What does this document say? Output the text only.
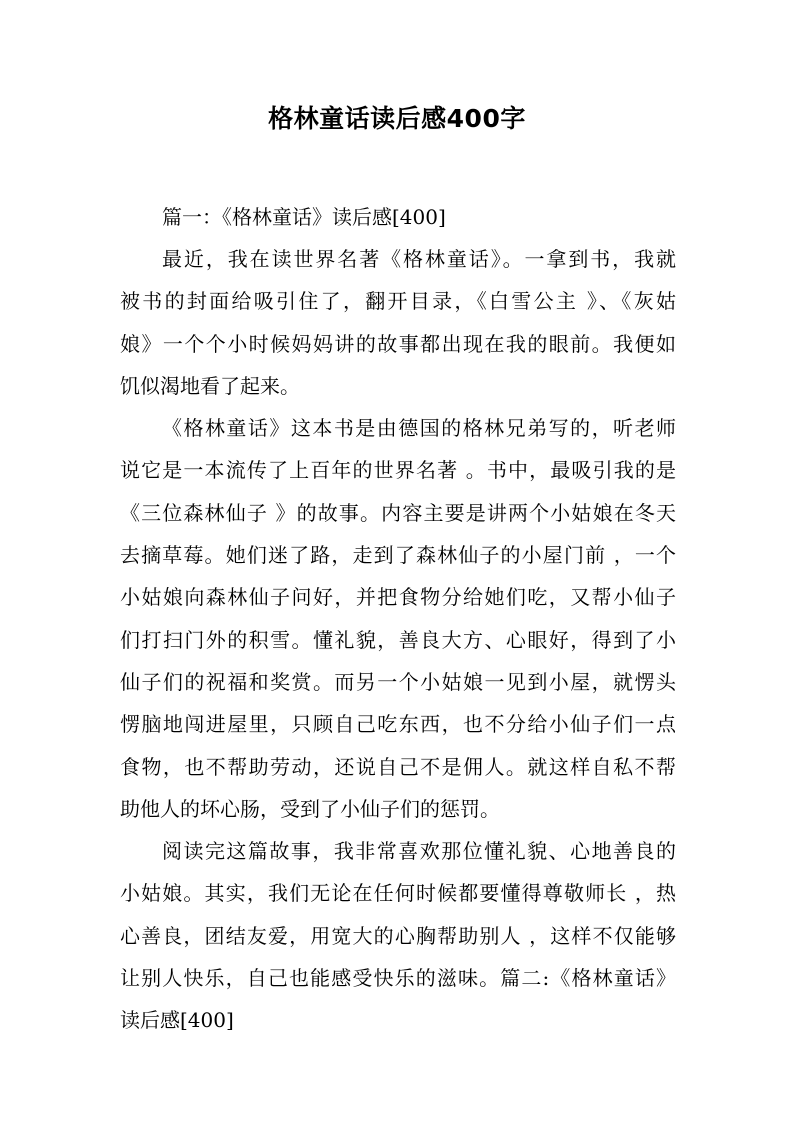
格林童话读后感400字
篇一：《格林童话》读后感[400]
最近，我在读世界名著《格林童话》。一拿到书，我就
被书的封面给吸引住了，翻开目录，《白雪公主 》、《灰姑
娘》一个个小时候妈妈讲的故事都出现在我的眼前。我便如
饥似渴地看了起来。
《格林童话》这本书是由德国的格林兄弟写的，听老师
说它是一本流传了上百年的世界名著 。书中，最吸引我的是
《三位森林仙子 》的故事。内容主要是讲两个小姑娘在冬天
去摘草莓。她们迷了路，走到了森林仙子的小屋门前 ，一个
小姑娘向森林仙子问好，并把食物分给她们吃，又帮小仙子
们打扫门外的积雪。懂礼貌，善良大方、心眼好，得到了小
仙子们的祝福和奖赏。而另一个小姑娘一见到小屋，就愣头
愣脑地闯进屋里，只顾自己吃东西，也不分给小仙子们一点
食物，也不帮助劳动，还说自己不是佣人。就这样自私不帮
助他人的坏心肠，受到了小仙子们的惩罚。
阅读完这篇故事，我非常喜欢那位懂礼貌、心地善良的
小姑娘。其实，我们无论在任何时候都要懂得尊敬师长 ，热
心善良，团结友爱，用宽大的心胸帮助别人 ，这样不仅能够
让别人快乐，自己也能感受快乐的滋味。篇二:《格林童话》
读后感[400]
